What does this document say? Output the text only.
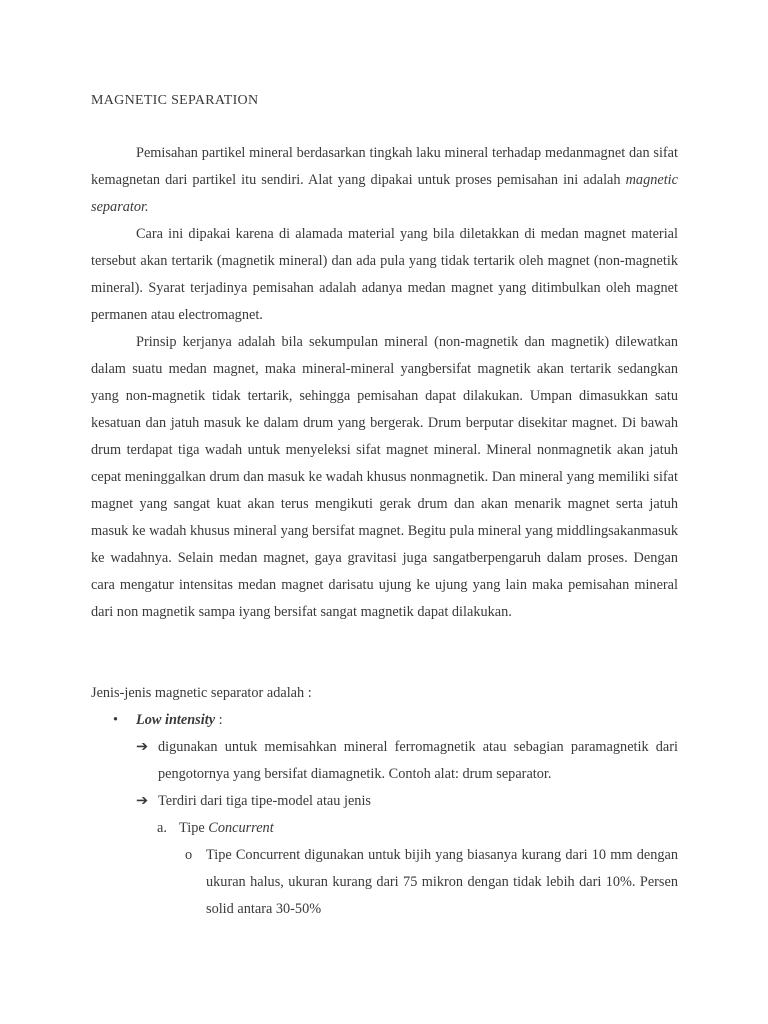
MAGNETIC SEPARATION

Pemisahan partikel mineral berdasarkan tingkah laku mineral terhadap medanmagnet dan sifat kemagnetan dari partikel itu sendiri. Alat yang dipakai untuk proses pemisahan ini adalah magnetic separator.

Cara ini dipakai karena di alamada material yang bila diletakkan di medan magnet material tersebut akan tertarik (magnetik mineral) dan ada pula yang tidak tertarik oleh magnet (non-magnetik mineral). Syarat terjadinya pemisahan adalah adanya medan magnet yang ditimbulkan oleh magnet permanen atau electromagnet.

Prinsip kerjanya adalah bila sekumpulan mineral (non-magnetik dan magnetik) dilewatkan dalam suatu medan magnet, maka mineral-mineral yangbersifat magnetik akan tertarik sedangkan yang non-magnetik tidak tertarik, sehingga pemisahan dapat dilakukan. Umpan dimasukkan satu kesatuan dan jatuh masuk ke dalam drum yang bergerak. Drum berputar disekitar magnet. Di bawah drum terdapat tiga wadah untuk menyeleksi sifat magnet mineral. Mineral nonmagnetik akan jatuh cepat meninggalkan drum dan masuk ke wadah khusus nonmagnetik. Dan mineral yang memiliki sifat magnet yang sangat kuat akan terus mengikuti gerak drum dan akan menarik magnet serta jatuh masuk ke wadah khusus mineral yang bersifat magnet. Begitu pula mineral yang middlingsakanmasuk ke wadahnya. Selain medan magnet, gaya gravitasi juga sangatberpengaruh dalam proses. Dengan cara mengatur intensitas medan magnet darisatu ujung ke ujung yang lain maka pemisahan mineral dari non magnetik sampa iyang bersifat sangat magnetik dapat dilakukan.

Jenis-jenis magnetic separator adalah :
• Low intensity :
➔ digunakan untuk memisahkan mineral ferromagnetik atau sebagian paramagnetik dari pengotornya yang bersifat diamagnetik. Contoh alat: drum separator.
➔ Terdiri dari tiga tipe-model atau jenis
a. Tipe Concurrent
o Tipe Concurrent digunakan untuk bijih yang biasanya kurang dari 10 mm dengan ukuran halus, ukuran kurang dari 75 mikron dengan tidak lebih dari 10%. Persen solid antara 30-50%
